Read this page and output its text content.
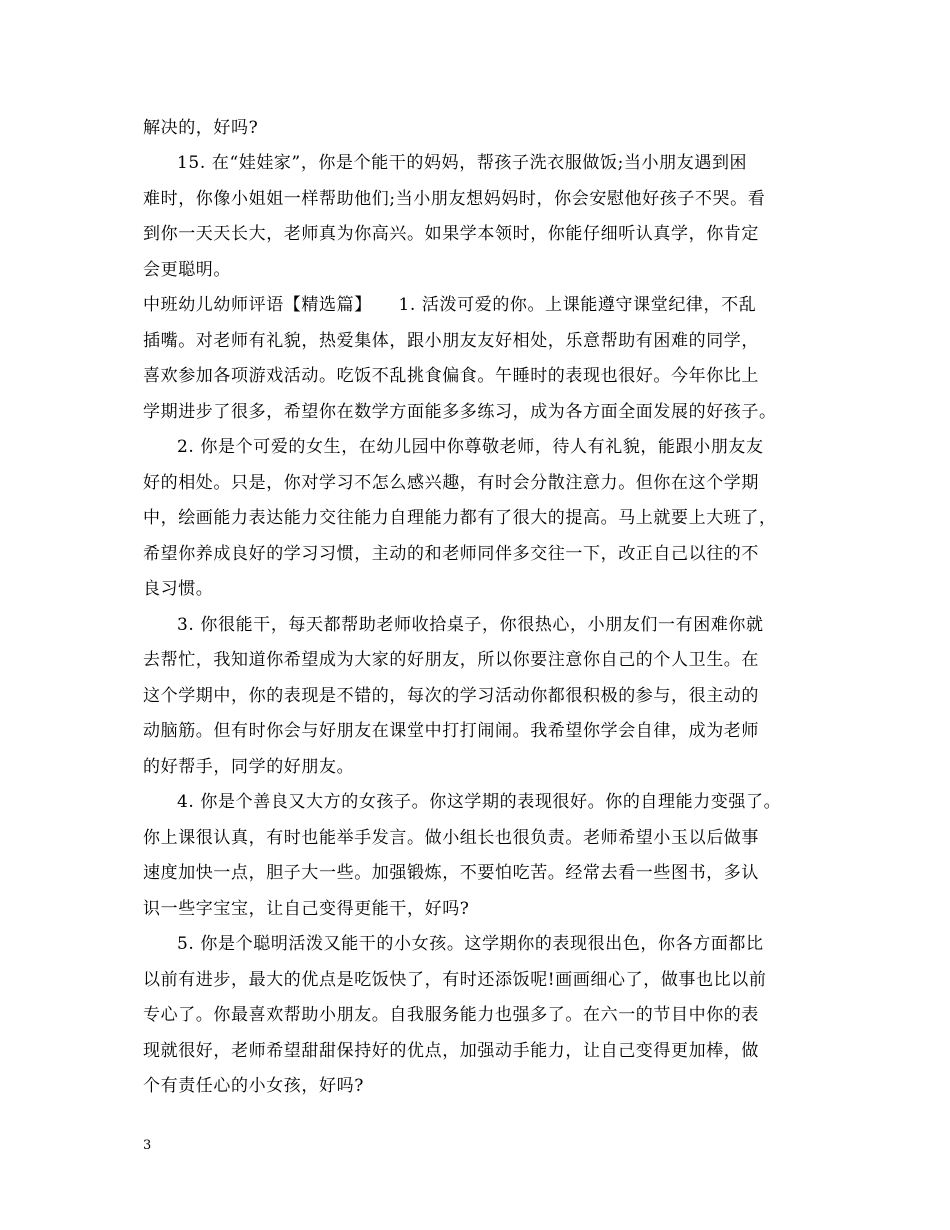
解决的，好吗?
15. 在“娃娃家”，你是个能干的妈妈，帮孩子洗衣服做饭;当小朋友遇到困
难时，你像小姐姐一样帮助他们;当小朋友想妈妈时，你会安慰他好孩子不哭。看
到你一天天长大，老师真为你高兴。如果学本领时，你能仔细听认真学，你肯定
会更聪明。
中班幼儿幼师评语【精选篇】　　1. 活泼可爱的你。上课能遵守课堂纪律，不乱
插嘴。对老师有礼貌，热爱集体，跟小朋友友好相处，乐意帮助有困难的同学，
喜欢参加各项游戏活动。吃饭不乱挑食偏食。午睡时的表现也很好。今年你比上
学期进步了很多，希望你在数学方面能多多练习，成为各方面全面发展的好孩子。
2. 你是个可爱的女生，在幼儿园中你尊敬老师，待人有礼貌，能跟小朋友友
好的相处。只是，你对学习不怎么感兴趣，有时会分散注意力。但你在这个学期
中，绘画能力表达能力交往能力自理能力都有了很大的提高。马上就要上大班了，
希望你养成良好的学习习惯，主动的和老师同伴多交往一下，改正自己以往的不
良习惯。
3. 你很能干，每天都帮助老师收拾桌子，你很热心，小朋友们一有困难你就
去帮忙，我知道你希望成为大家的好朋友，所以你要注意你自己的个人卫生。在
这个学期中，你的表现是不错的，每次的学习活动你都很积极的参与，很主动的
动脑筋。但有时你会与好朋友在课堂中打打闹闹。我希望你学会自律，成为老师
的好帮手，同学的好朋友。
4. 你是个善良又大方的女孩子。你这学期的表现很好。你的自理能力变强了。
你上课很认真，有时也能举手发言。做小组长也很负责。老师希望小玉以后做事
速度加快一点，胆子大一些。加强锻炼，不要怕吃苦。经常去看一些图书，多认
识一些字宝宝，让自己变得更能干，好吗?
5. 你是个聪明活泼又能干的小女孩。这学期你的表现很出色，你各方面都比
以前有进步，最大的优点是吃饭快了，有时还添饭呢!画画细心了，做事也比以前
专心了。你最喜欢帮助小朋友。自我服务能力也强多了。在六一的节目中你的表
现就很好，老师希望甜甜保持好的优点，加强动手能力，让自己变得更加棒，做
个有责任心的小女孩，好吗?
3
